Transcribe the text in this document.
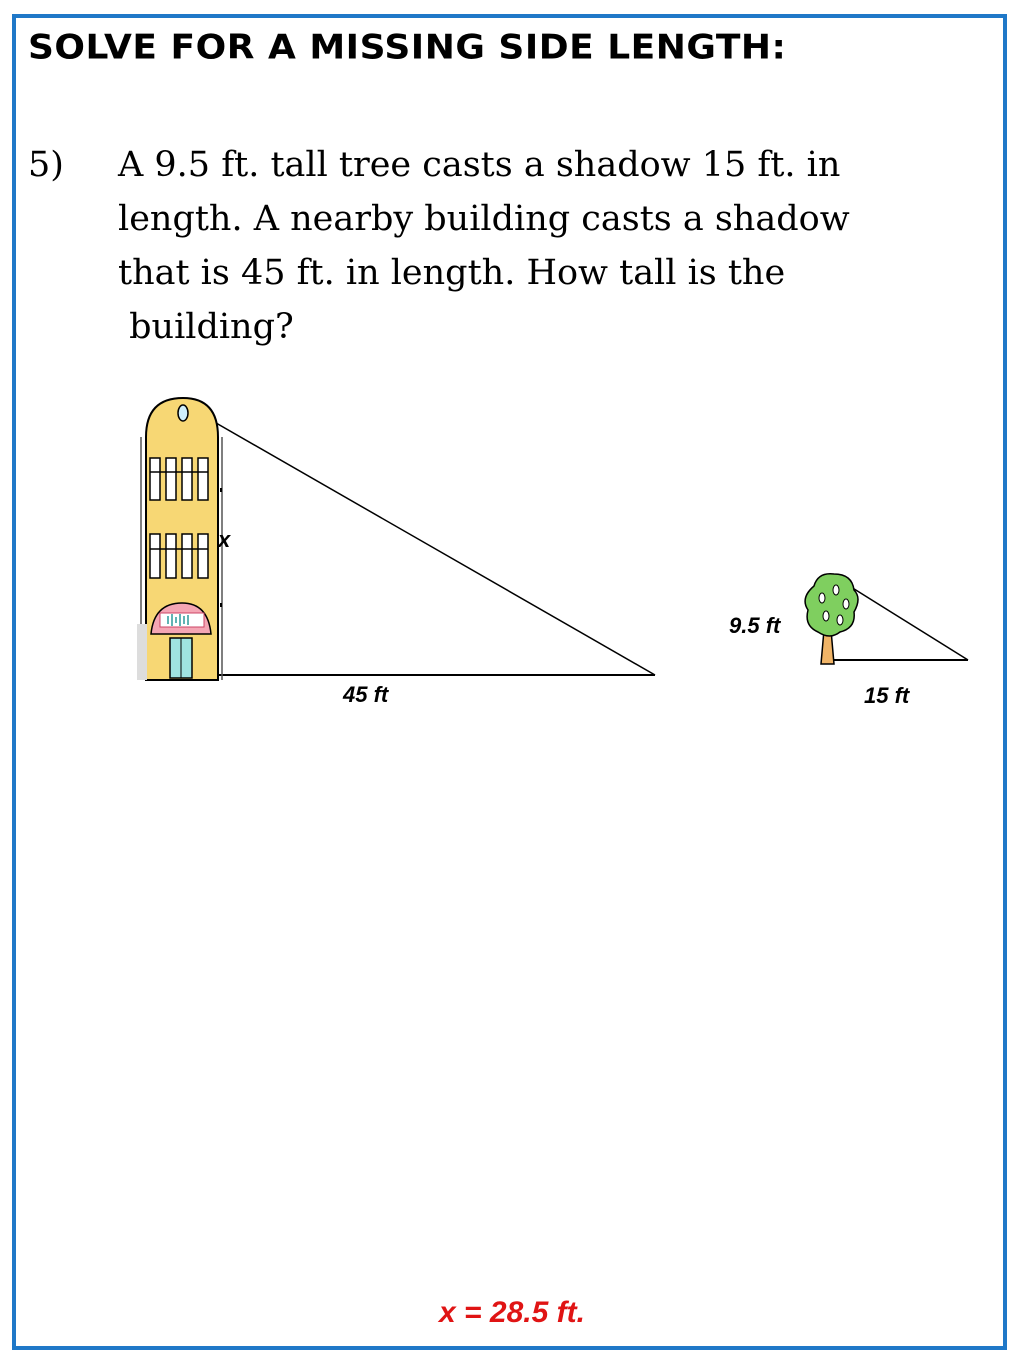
SOLVE FOR A MISSING SIDE LENGTH:
5) A 9.5 ft. tall tree casts a shadow 15 ft. in
length. A nearby building casts a shadow
that is 45 ft. in length. How tall is the
building?
x
45 ft
9.5 ft
15 ft
x = 28.5 ft.
